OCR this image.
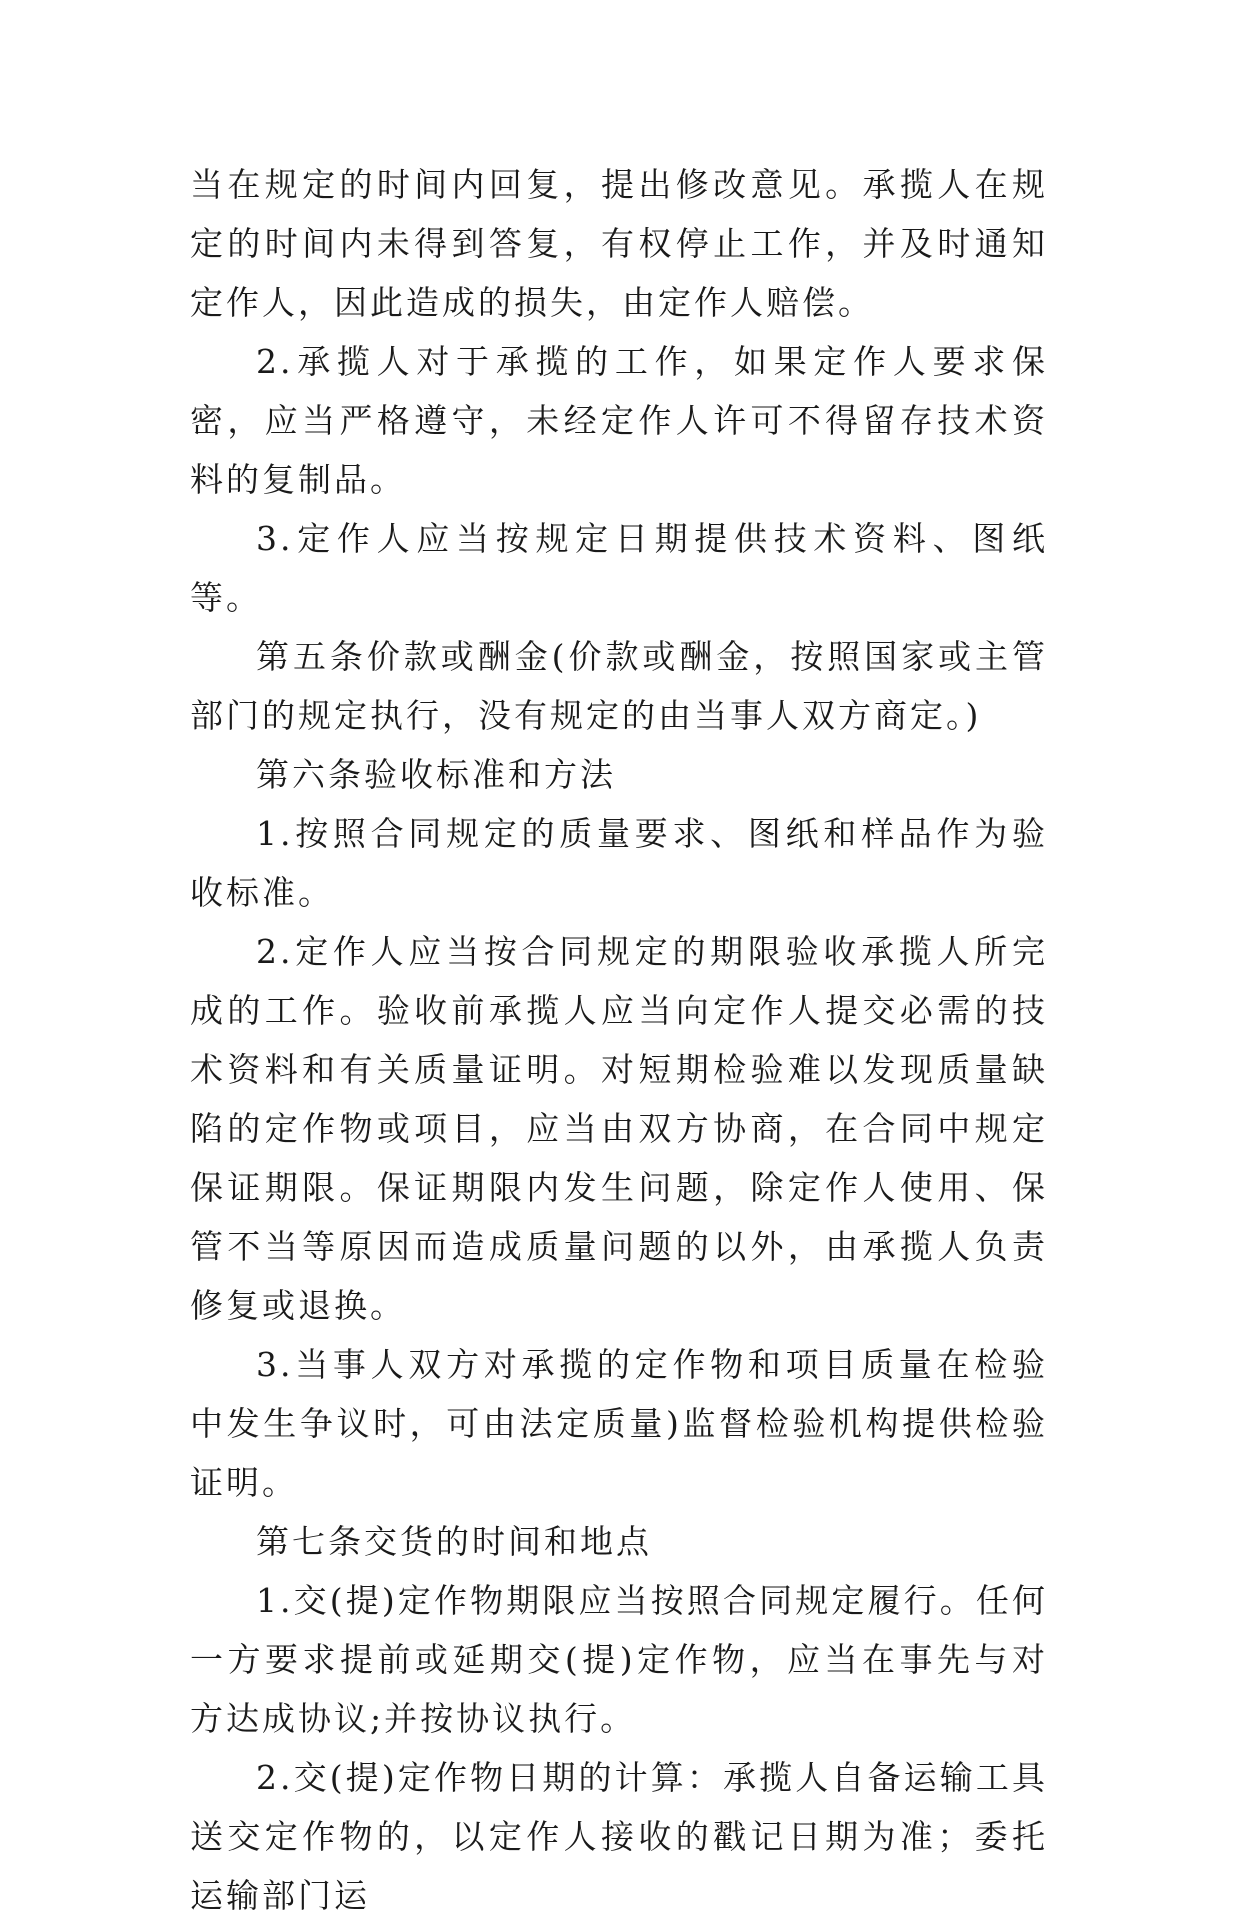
当在规定的时间内回复，提出修改意见。承揽人在规定的时间内未得到答复，有权停止工作，并及时通知定作人，因此造成的损失，由定作人赔偿。

2.承揽人对于承揽的工作，如果定作人要求保密，应当严格遵守，未经定作人许可不得留存技术资料的复制品。

3.定作人应当按规定日期提供技术资料、图纸等。

第五条价款或酬金(价款或酬金，按照国家或主管部门的规定执行，没有规定的由当事人双方商定。)

第六条验收标准和方法

1.按照合同规定的质量要求、图纸和样品作为验收标准。

2.定作人应当按合同规定的期限验收承揽人所完成的工作。验收前承揽人应当向定作人提交必需的技术资料和有关质量证明。对短期检验难以发现质量缺陷的定作物或项目，应当由双方协商，在合同中规定保证期限。保证期限内发生问题，除定作人使用、保管不当等原因而造成质量问题的以外，由承揽人负责修复或退换。

3.当事人双方对承揽的定作物和项目质量在检验中发生争议时，可由法定质量)监督检验机构提供检验证明。

第七条交货的时间和地点

1.交(提)定作物期限应当按照合同规定履行。任何一方要求提前或延期交(提)定作物，应当在事先与对方达成协议;并按协议执行。

2.交(提)定作物日期的计算：承揽人自备运输工具送交定作物的，以定作人接收的戳记日期为准；委托运输部门运
